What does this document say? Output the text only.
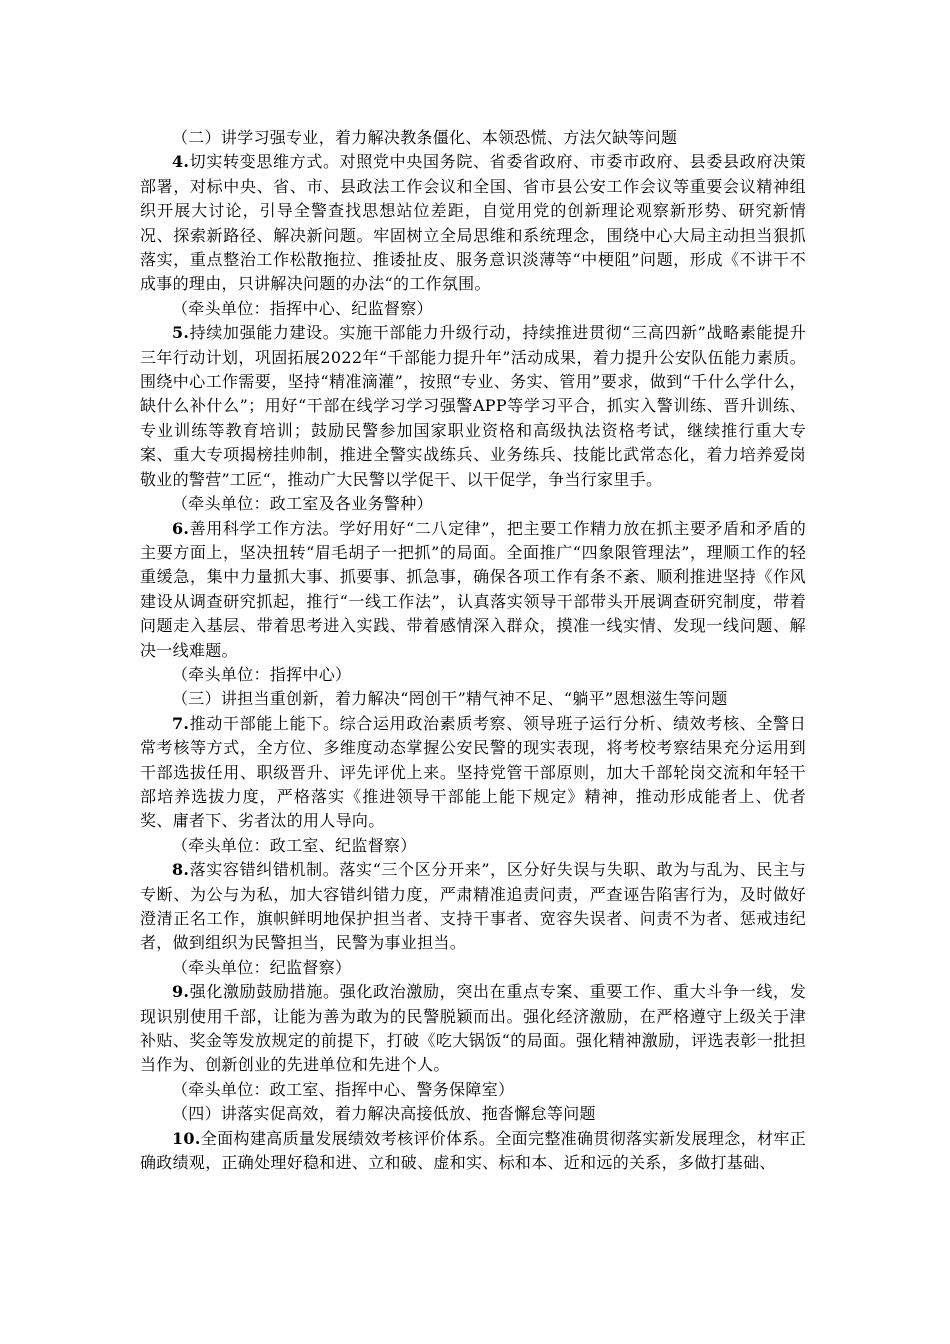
（二）讲学习强专业，着力解决教条僵化、本领恐慌、方法欠缺等问题

4.切实转变思维方式。对照党中央国务院、省委省政府、市委市政府、县委县政府决策部署，对标中央、省、市、县政法工作会议和全国、省市县公安工作会议等重要会议精神组织开展大讨论，引导全警查找思想站位差距，自觉用党的创新理论观察新形势、研究新情况、探索新路径、解决新问题。牢固树立全局思维和系统理念，围绕中心大局主动担当狠抓落实，重点整治工作松散拖拉、推诿扯皮、服务意识淡薄等“中梗阻”问题，形成《不讲干不成事的理由，只讲解决问题的办法“的工作氛围。

（牵头单位：指挥中心、纪监督察）

5.持续加强能力建设。实施干部能力升级行动，持续推进贯彻“三高四新”战略素能提升三年行动计划，巩固拓展2022年“千部能力提升年”活动成果，着力提升公安队伍能力素质。围绕中心工作需要，坚持“精准滴灌”，按照“专业、务实、管用”要求，做到“千什么学什么，缺什么补什么”；用好“干部在线学习学习强警APP等学习平合，抓实入警训练、晋升训练、专业训练等教育培训；鼓励民警参加国家职业资格和高级执法资格考试，继续推行重大专案、重大专项揭榜挂帅制，推进全警实战练兵、业务练兵、技能比武常态化，着力培养爱岗敬业的警营”工匠“，推动广大民警以学促干、以干促学，争当行家里手。

（牵头单位：政工室及各业务警种）

6.善用科学工作方法。学好用好“二八定律”，把主要工作精力放在抓主要矛盾和矛盾的主要方面上，坚决扭转“眉毛胡子一把抓”的局面。全面推广“四象限管理法”，理顺工作的轻重缓急，集中力量抓大事、抓要事、抓急事，确保各项工作有条不紊、顺利推进坚持《作风建设从调查研究抓起，推行“一线工作法”，认真落实领导干部带头开展调查研究制度，带着问题走入基层、带着思考进入实践、带着感情深入群众，摸准一线实情、发现一线问题、解决一线难题。

（牵头单位：指挥中心）

（三）讲担当重创新，着力解决“罔创干”精气神不足、“躺平”恩想滋生等问题

7.推动干部能上能下。综合运用政治素质考察、领导班子运行分析、绩效考核、全警日常考核等方式，全方位、多维度动态掌握公安民警的现实表现，将考校考察结果充分运用到干部选拔任用、职级晋升、评先评优上来。坚持党管干部原则，加大千部轮岗交流和年轻干部培养选拔力度，严格落实《推进领导干部能上能下规定》精神，推动形成能者上、优者奖、庸者下、劣者汰的用人导向。

（牵头单位：政工室、纪监督察）

8.落实容错纠错机制。落实“三个区分开来”，区分好失误与失职、敢为与乱为、民主与专断、为公与为私，加大容错纠错力度，严肃精准追责问责，严查诬告陷害行为，及时做好澄清正名工作，旗帜鲜明地保护担当者、支持干事者、宽容失误者、问责不为者、惩戒违纪者，做到组织为民警担当，民警为事业担当。

（牵头单位：纪监督察）

9.强化激励鼓励措施。强化政治激励，突出在重点专案、重要工作、重大斗争一线，发现识别使用千部，让能为善为敢为的民警脱颖而出。强化经济激励，在严格遵守上级关于津补贴、奖金等发放规定的前提下，打破《吃大锅饭“的局面。强化精神激励，评选表彰一批担当作为、创新创业的先进单位和先进个人。

（牵头单位：政工室、指挥中心、警务保障室）

（四）讲落实促高效，着力解决高接低放、拖沓懈怠等问题

10.全面构建高质量发展绩效考核评价体系。全面完整准确贯彻落实新发展理念，材牢正确政绩观，正确处理好稳和进、立和破、虚和实、标和本、近和远的关系，多做打基础、
